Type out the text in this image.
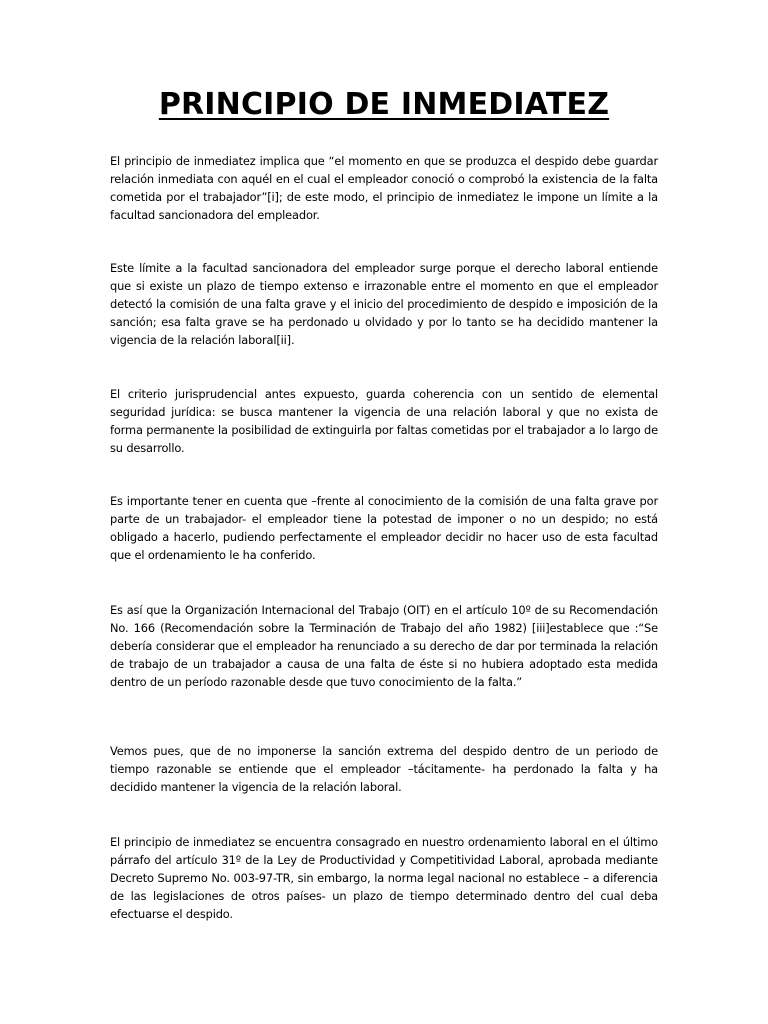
PRINCIPIO DE INMEDIATEZ

El principio de inmediatez implica que “el momento en que se produzca el despido debe guardar relación inmediata con aquél en el cual el empleador conoció o comprobó la existencia de la falta cometida por el trabajador”[i]; de este modo, el principio de inmediatez le impone un límite a la facultad sancionadora del empleador.

Este límite a la facultad sancionadora del empleador surge porque el derecho laboral entiende que si existe un plazo de tiempo extenso e irrazonable entre el momento en que el empleador detectó la comisión de una falta grave y el inicio del procedimiento de despido e imposición de la sanción; esa falta grave se ha perdonado u olvidado y por lo tanto se ha decidido mantener la vigencia de la relación laboral[ii].

El criterio jurisprudencial antes expuesto, guarda coherencia con un sentido de elemental seguridad jurídica: se busca mantener la vigencia de una relación laboral y que no exista de forma permanente la posibilidad de extinguirla por faltas cometidas por el trabajador a lo largo de su desarrollo.

Es importante tener en cuenta que –frente al conocimiento de la comisión de una falta grave por parte de un trabajador- el empleador tiene la potestad de imponer o no un despido; no está obligado a hacerlo, pudiendo perfectamente el empleador decidir no hacer uso de esta facultad que el ordenamiento le ha conferido.

Es así que la Organización Internacional del Trabajo (OIT) en el artículo 10º de su Recomendación No. 166 (Recomendación sobre la Terminación de Trabajo del año 1982) [iii]establece que :“Se debería considerar que el empleador ha renunciado a su derecho de dar por terminada la relación de trabajo de un trabajador a causa de una falta de éste si no hubiera adoptado esta medida dentro de un período razonable desde que tuvo conocimiento de la falta.”

Vemos pues, que de no imponerse la sanción extrema del despido dentro de un periodo de tiempo razonable se entiende que el empleador –tácitamente- ha perdonado la falta y ha decidido mantener la vigencia de la relación laboral.

El principio de inmediatez se encuentra consagrado en nuestro ordenamiento laboral en el último párrafo del artículo 31º de la Ley de Productividad y Competitividad Laboral, aprobada mediante Decreto Supremo No. 003-97-TR, sin embargo, la norma legal nacional no establece – a diferencia de las legislaciones de otros países- un plazo de tiempo determinado dentro del cual deba efectuarse el despido.
